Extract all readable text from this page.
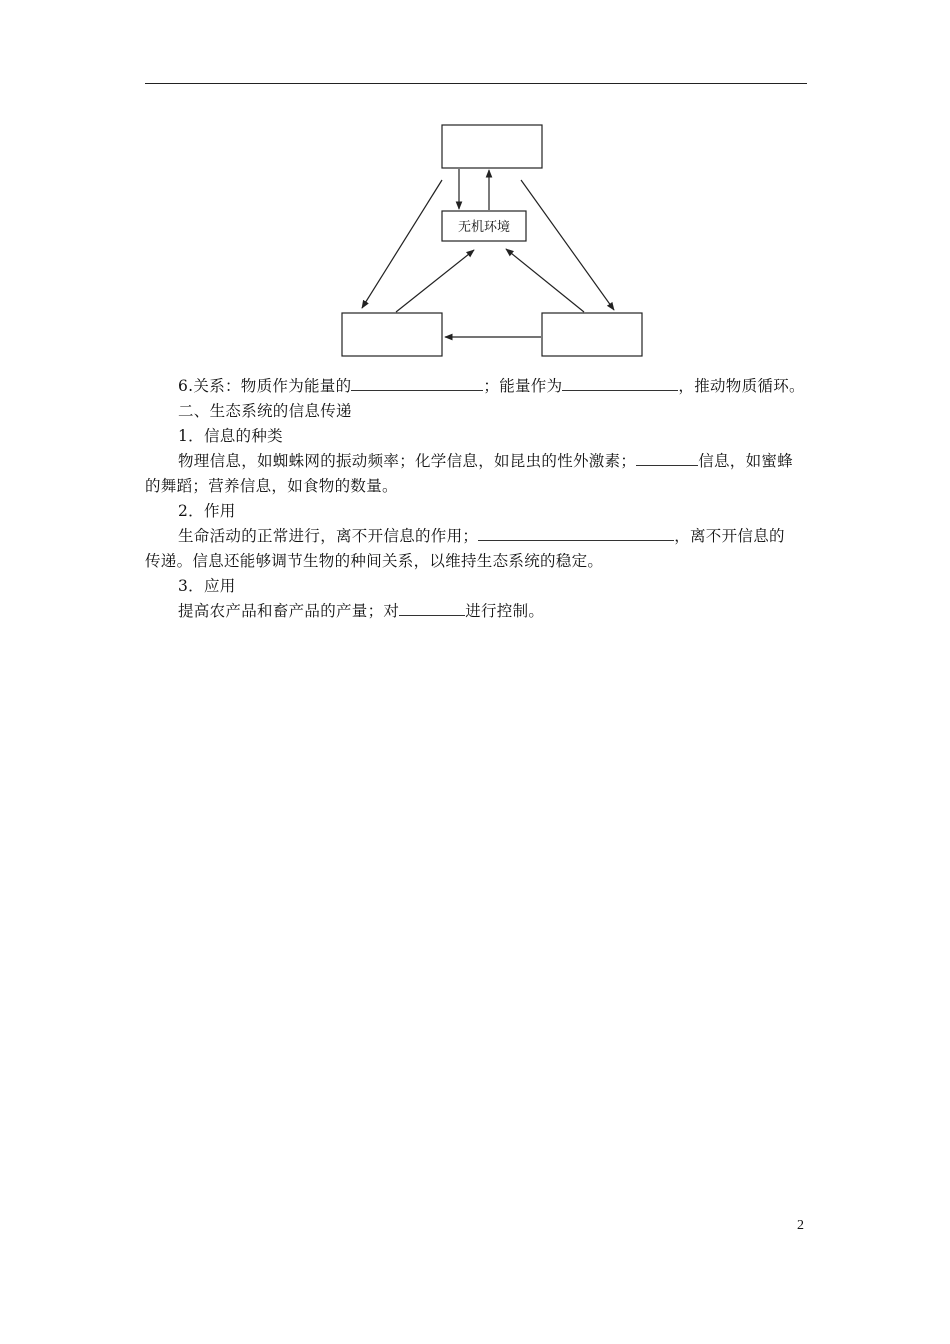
无机环境
6.关系：物质作为能量的	；能量作为	，推动物质循环。
二、生态系统的信息传递
1．信息的种类
物理信息，如蜘蛛网的振动频率；化学信息，如昆虫的性外激素；	信息，如蜜蜂
的舞蹈；营养信息，如食物的数量。
2．作用
生命活动的正常进行，离不开信息的作用；	，离不开信息的
传递。信息还能够调节生物的种间关系，以维持生态系统的稳定。
3．应用
提高农产品和畜产品的产量；对	进行控制。
2
